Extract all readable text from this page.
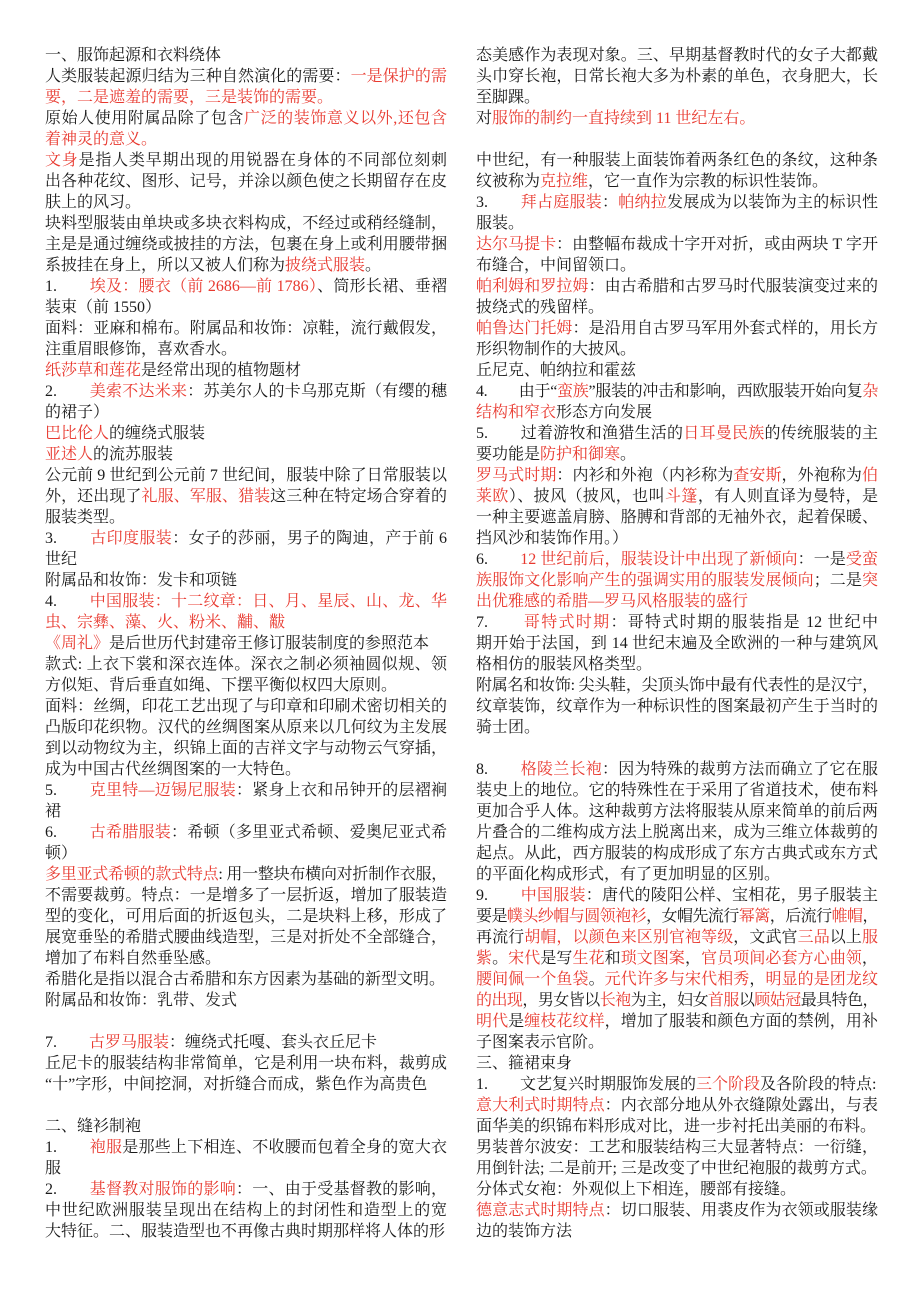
一、服饰起源和衣料绕体
人类服装起源归结为三种自然演化的需要：一是保护的需
要，二是遮羞的需要，三是装饰的需要。
原始人使用附属品除了包含广泛的装饰意义以外,还包含
着神灵的意义。
文身是指人类早期出现的用锐器在身体的不同部位刻刺
出各种花纹、图形、记号，并涂以颜色使之长期留存在皮
肤上的风习。
块料型服装由单块或多块衣料构成，不经过或稍经缝制，
主是是通过缠绕或披挂的方法，包裹在身上或利用腰带捆
系披挂在身上，所以又被人们称为披绕式服装。
1.　　埃及：腰衣（前 2686—前 1786）、筒形长裙、垂褶
装束（前 1550）
面料：亚麻和棉布。附属品和妆饰：凉鞋，流行戴假发，
注重眉眼修饰，喜欢香水。
纸莎草和莲花是经常出现的植物题材
2.　　美索不达米来：苏美尔人的卡乌那克斯（有缨的穗
的裙子）
巴比伦人的缠绕式服装
亚述人的流苏服装
公元前 9 世纪到公元前 7 世纪间，服装中除了日常服装以
外，还出现了礼服、军服、猎装这三种在特定场合穿着的
服装类型。
3.　　古印度服装：女子的莎丽，男子的陶迪，产于前 6
世纪
附属品和妆饰：发卡和项链
4.　　中国服装：十二纹章：日、月、星辰、山、龙、华
虫、宗彝、藻、火、粉米、黼、黻
《周礼》是后世历代封建帝王修订服装制度的参照范本
款式: 上衣下裳和深衣连体。深衣之制必须袖圆似规、领
方似矩、背后垂直如绳、下摆平衡似权四大原则。
面料：丝绸，印花工艺出现了与印章和印刷术密切相关的
凸版印花织物。汉代的丝绸图案从原来以几何纹为主发展
到以动物纹为主，织锦上面的吉祥文字与动物云气穿插，
成为中国古代丝绸图案的一大特色。
5.　　克里特—迈锡尼服装：紧身上衣和吊钟开的层褶裥
裙
6.　　古希腊服装：希顿（多里亚式希顿、爱奥尼亚式希
顿）
多里亚式希顿的款式特点: 用一整块布横向对折制作衣服，
不需要裁剪。特点：一是增多了一层折返，增加了服装造
型的变化，可用后面的折返包头，二是块料上移，形成了
展宽垂坠的希腊式腰曲线造型，三是对折处不全部缝合，
增加了布料自然垂坠感。
希腊化是指以混合古希腊和东方因素为基础的新型文明。
附属品和妆饰：乳带、发式
7.　　古罗马服装：缠绕式托嘎、套头衣丘尼卡
丘尼卡的服装结构非常简单，它是利用一块布料，裁剪成
“十”字形，中间挖洞，对折缝合而成，紫色作为高贵色
二、缝衫制袍
1.　　袍服是那些上下相连、不收腰而包着全身的宽大衣
服
2.　　基督教对服饰的影响：一、由于受基督教的影响，
中世纪欧洲服装呈现出在结构上的封闭性和造型上的宽
大特征。二、服装造型也不再像古典时期那样将人体的形
态美感作为表现对象。三、早期基督教时代的女子大都戴
头巾穿长袍，日常长袍大多为朴素的单色，衣身肥大，长
至脚踝。
对服饰的制约一直持续到 11 世纪左右。
中世纪，有一种服装上面装饰着两条红色的条纹，这种条
纹被称为克拉维，它一直作为宗教的标识性装饰。
3.　　拜占庭服装：帕纳拉发展成为以装饰为主的标识性
服装。
达尔马提卡：由整幅布裁成十字开对折，或由两块 T 字开
布缝合，中间留领口。
帕利姆和罗拉姆：由古希腊和古罗马时代服装演变过来的
披绕式的残留样。
帕鲁达门托姆：是沿用自古罗马军用外套式样的，用长方
形织物制作的大披风。
丘尼克、帕纳拉和霍兹
4.　　由于“蛮族”服装的冲击和影响，西欧服装开始向复杂
结构和窄衣形态方向发展
5.　　过着游牧和渔猎生活的日耳曼民族的传统服装的主
要功能是防护和御寒。
罗马式时期：内衫和外袍（内衫称为查安斯，外袍称为伯
莱欧）、披风（披风，也叫斗篷，有人则直译为曼特，是
一种主要遮盖肩膀、胳膊和背部的无袖外衣，起着保暖、
挡风沙和装饰作用。）
6.　　12 世纪前后，服装设计中出现了新倾向：一是受蛮
族服饰文化影响产生的强调实用的服装发展倾向；二是突
出优雅感的希腊—罗马风格服装的盛行
7.　　哥特式时期：哥特式时期的服装指是 12 世纪中
期开始于法国，到 14 世纪末遍及全欧洲的一种与建筑风
格相仿的服装风格类型。
附属名和妆饰: 尖头鞋，尖顶头饰中最有代表性的是汉宁，
纹章装饰，纹章作为一种标识性的图案最初产生于当时的
骑士团。
8.　　格陵兰长袍：因为特殊的裁剪方法而确立了它在服
装史上的地位。它的特殊性在于采用了省道技术，使布料
更加合乎人体。这种裁剪方法将服装从原来简单的前后两
片叠合的二维构成方法上脱离出来，成为三维立体裁剪的
起点。从此，西方服装的构成形成了东方古典式或东方式
的平面化构成形式，有了更加明显的区别。
9.　　中国服装：唐代的陵阳公样、宝相花，男子服装主
要是幞头纱帽与圆领袍衫，女帽先流行幂篱，后流行帷帽，
再流行胡帽，以颜色来区别官袍等级，文武官三品以上服
紫。宋代是写生花和琐文图案，官员项间必套方心曲领，
腰间佩一个鱼袋。元代许多与宋代相秀，明显的是团龙纹
的出现，男女皆以长袍为主，妇女首服以顾姑冠最具特色，
明代是缠枝花纹样，增加了服装和颜色方面的禁例，用补
子图案表示官阶。
三、箍裙束身
1.　　文艺复兴时期服饰发展的三个阶段及各阶段的特点:
意大利式时期特点：内衣部分地从外衣缝隙处露出，与表
面华美的织锦布料形成对比，进一步衬托出美丽的布料。
男装普尔波安：工艺和服装结构三大显著特点：一衍缝，
用倒针法; 二是前开; 三是改变了中世纪袍服的裁剪方式。
分体式女袍：外观似上下相连，腰部有接缝。
德意志式时期特点：切口服装、用裘皮作为衣领或服装缘
边的装饰方法
